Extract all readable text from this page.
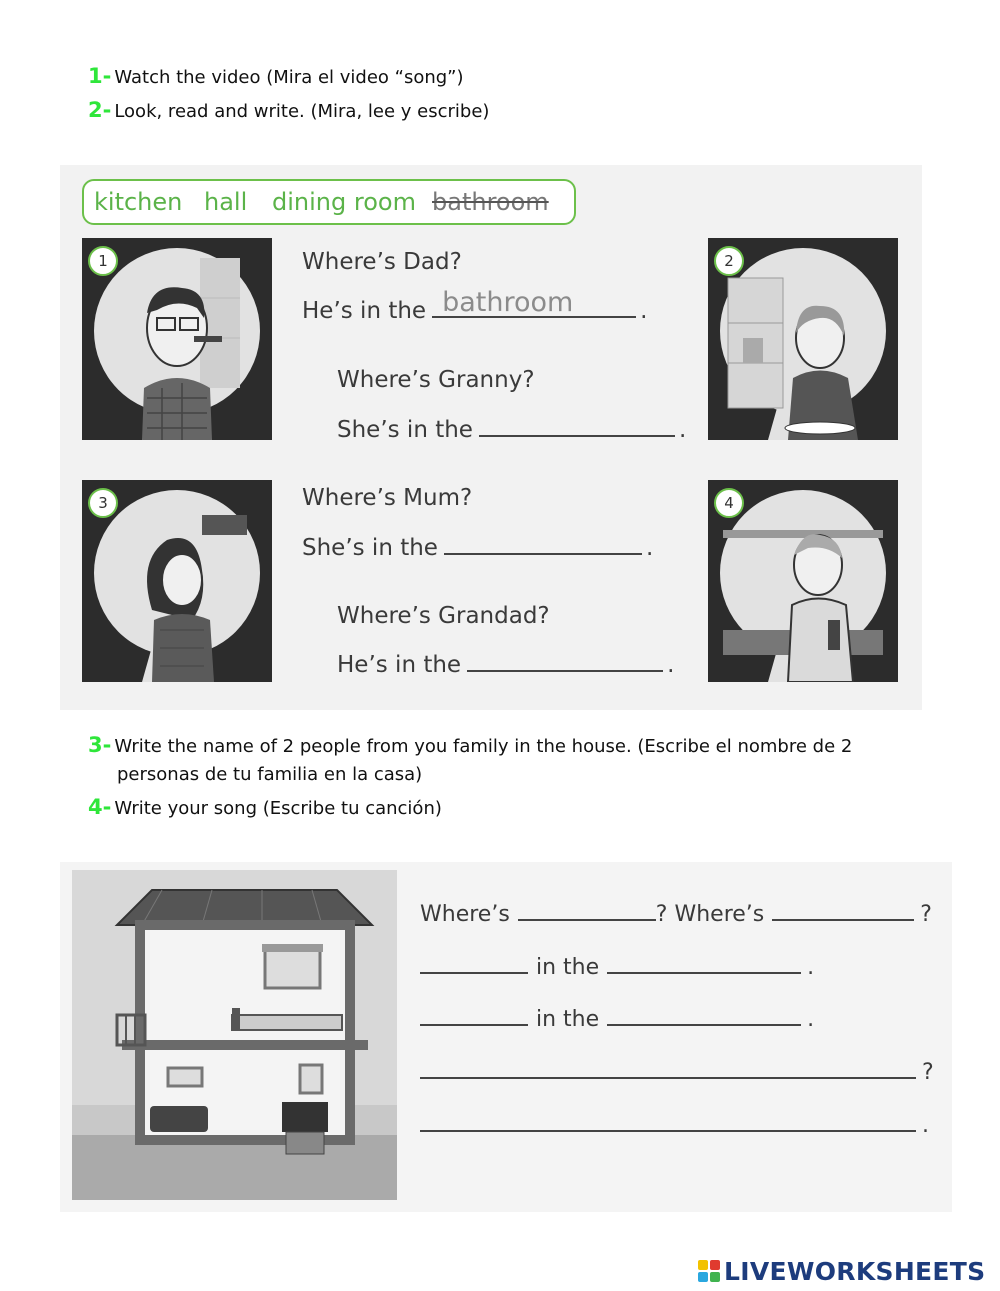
1- Watch the video (Mira el video “song”)
2- Look, read and write. (Mira, lee y escribe)
kitchen hall dining room bathroom
1	2
3	4
Where’s Dad?
He’s in the bathroom	.
Where’s Granny?
She’s in the	.
Where’s Mum?
She’s in the	.
Where’s Grandad?
He’s in the	.
3- Write the name of 2 people from you family in the house. (Escribe el nombre de 2
personas de tu familia en la casa)
4- Write your song (Escribe tu canción)
Where’s	? Where’s	?
in the	.
in the	.
?
.
LIVEWORKSHEETS
